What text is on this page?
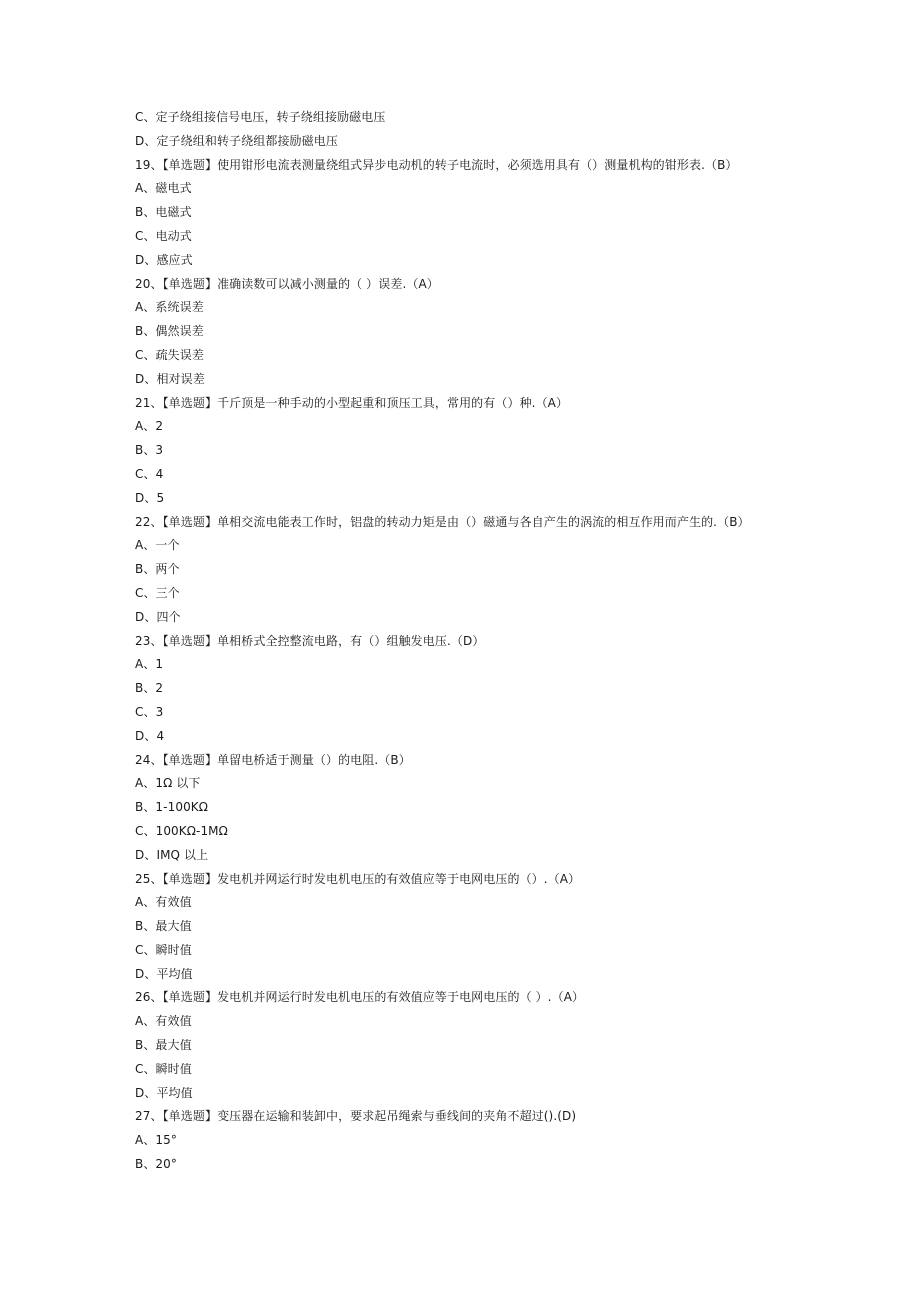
C、定子绕组接信号电压，转子绕组接励磁电压
D、定子绕组和转子绕组都接励磁电压
19、【单选题】使用钳形电流表测量绕组式异步电动机的转子电流时，必须选用具有（）测量机构的钳形表.（B）
A、磁电式
B、电磁式
C、电动式
D、感应式
20、【单选题】准确读数可以减小测量的（ ）误差.（A）
A、系统误差
B、偶然误差
C、疏失误差
D、相对误差
21、【单选题】千斤顶是一种手动的小型起重和顶压工具，常用的有（）种.（A）
A、2
B、3
C、4
D、5
22、【单选题】单相交流电能表工作时，铝盘的转动力矩是由（）磁通与各自产生的涡流的相互作用而产生的.（B）
A、一个
B、两个
C、三个
D、四个
23、【单选题】单相桥式全控整流电路，有（）组触发电压.（D）
A、1
B、2
C、3
D、4
24、【单选题】单留电桥适于测量（）的电阻.（B）
A、1Ω 以下
B、1-100KΩ
C、100KΩ-1MΩ
D、IMQ 以上
25、【单选题】发电机并网运行时发电机电压的有效值应等于电网电压的（）.（A）
A、有效值
B、最大值
C、瞬时值
D、平均值
26、【单选题】发电机并网运行时发电机电压的有效值应等于电网电压的（ ）.（A）
A、有效值
B、最大值
C、瞬时值
D、平均值
27、【单选题】变压器在运输和装卸中，要求起吊绳索与垂线间的夹角不超过().(D)
A、15°
B、20°
